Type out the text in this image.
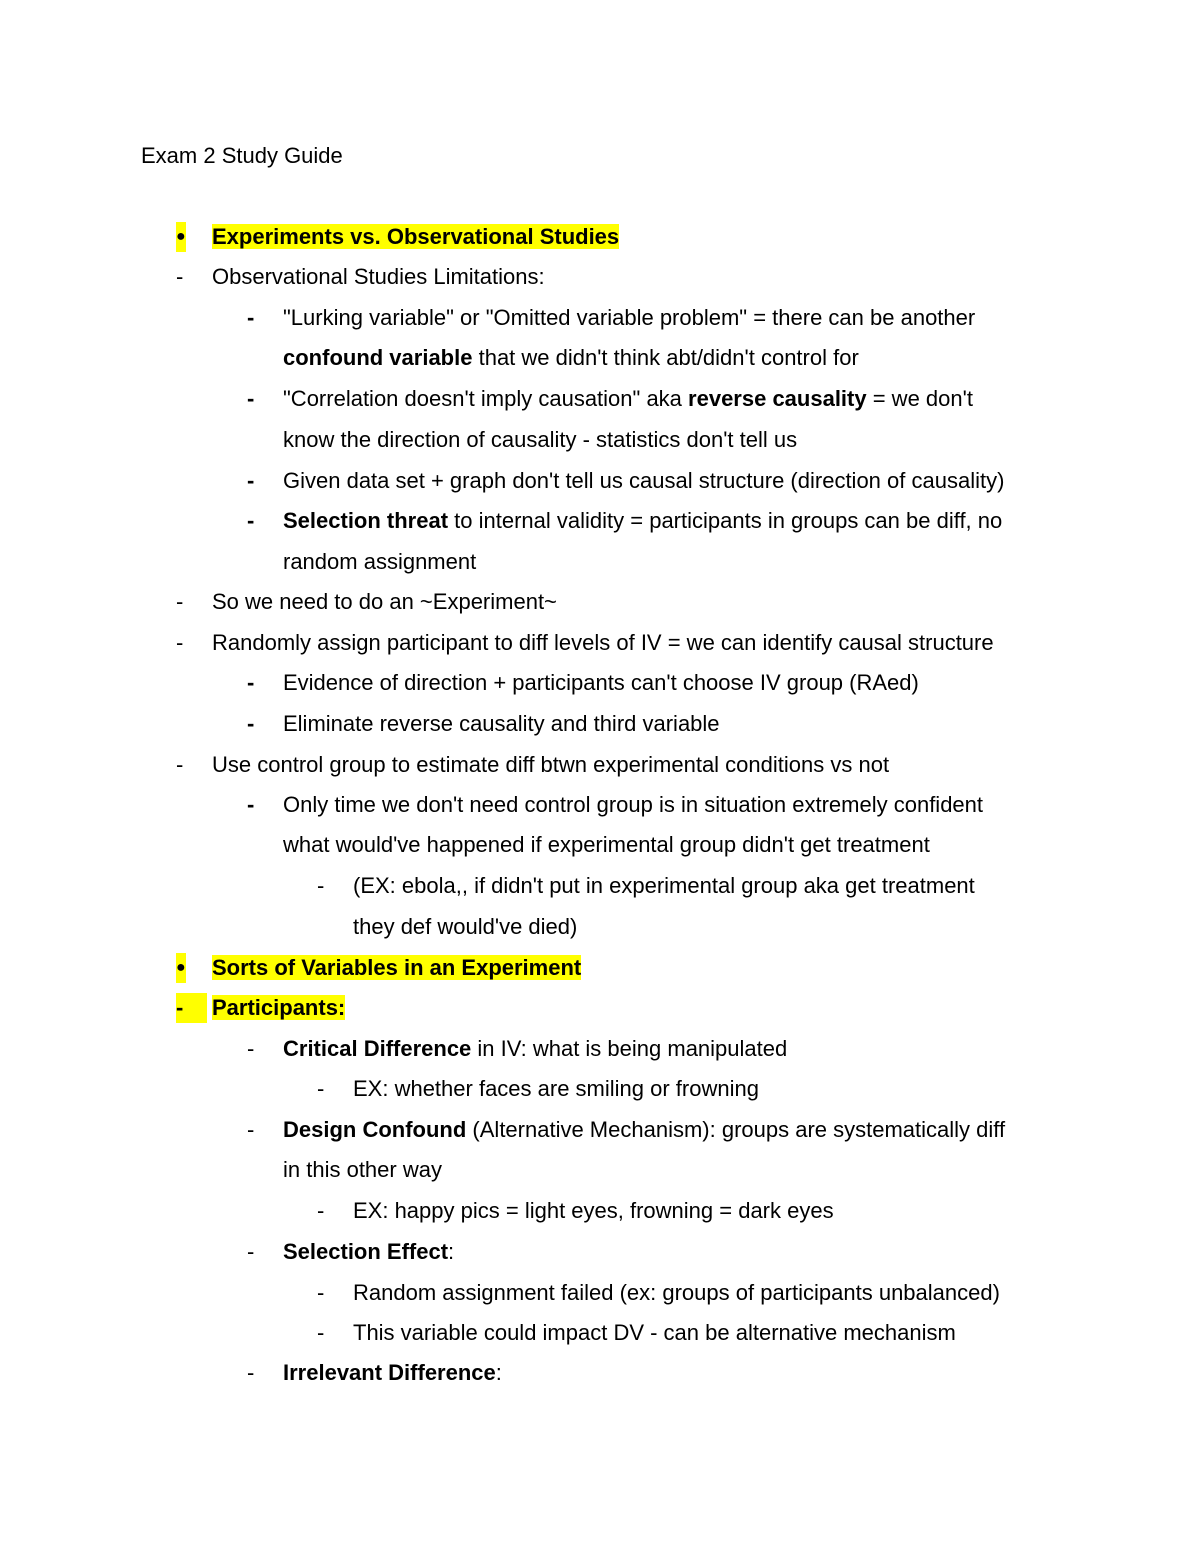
Exam 2 Study Guide
● Experiments vs. Observational Studies
- Observational Studies Limitations:
- "Lurking variable" or "Omitted variable problem" = there can be another
confound variable that we didn't think abt/didn't control for
- "Correlation doesn't imply causation" aka reverse causality = we don't
know the direction of causality - statistics don't tell us
- Given data set + graph don't tell us causal structure (direction of causality)
- Selection threat to internal validity = participants in groups can be diff, no
random assignment
- So we need to do an ~Experiment~
- Randomly assign participant to diff levels of IV = we can identify causal structure
- Evidence of direction + participants can't choose IV group (RAed)
- Eliminate reverse causality and third variable
- Use control group to estimate diff btwn experimental conditions vs not
- Only time we don't need control group is in situation extremely confident
what would've happened if experimental group didn't get treatment
- (EX: ebola,, if didn't put in experimental group aka get treatment
they def would've died)
● Sorts of Variables in an Experiment
-	Participants:
- Critical Difference in IV: what is being manipulated
- EX: whether faces are smiling or frowning
- Design Confound (Alternative Mechanism): groups are systematically diff
in this other way
- EX: happy pics = light eyes, frowning = dark eyes
- Selection Effect:
- Random assignment failed (ex: groups of participants unbalanced)
- This variable could impact DV - can be alternative mechanism
- Irrelevant Difference:
